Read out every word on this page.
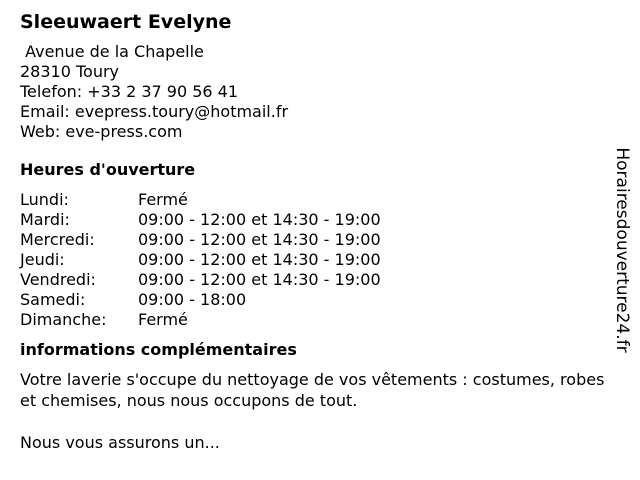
Sleeuwaert Evelyne
Avenue de la Chapelle
28310 Toury
Telefon: +33 2 37 90 56 41
Email: evepress.toury@hotmail.fr
Web: eve-press.com
Heures d'ouverture
Lundi:	Fermé
Mardi:	09:00 - 12:00 et 14:30 - 19:00
Mercredi:	09:00 - 12:00 et 14:30 - 19:00
Jeudi:	09:00 - 12:00 et 14:30 - 19:00
Vendredi:	09:00 - 12:00 et 14:30 - 19:00
Samedi:	09:00 - 18:00
Dimanche:	Fermé
informations complémentaires
Votre laverie s'occupe du nettoyage de vos vêtements : costumes, robes et chemises, nous nous occupons de tout.
Nous vous assurons un...
Horairesdouverture24.fr
